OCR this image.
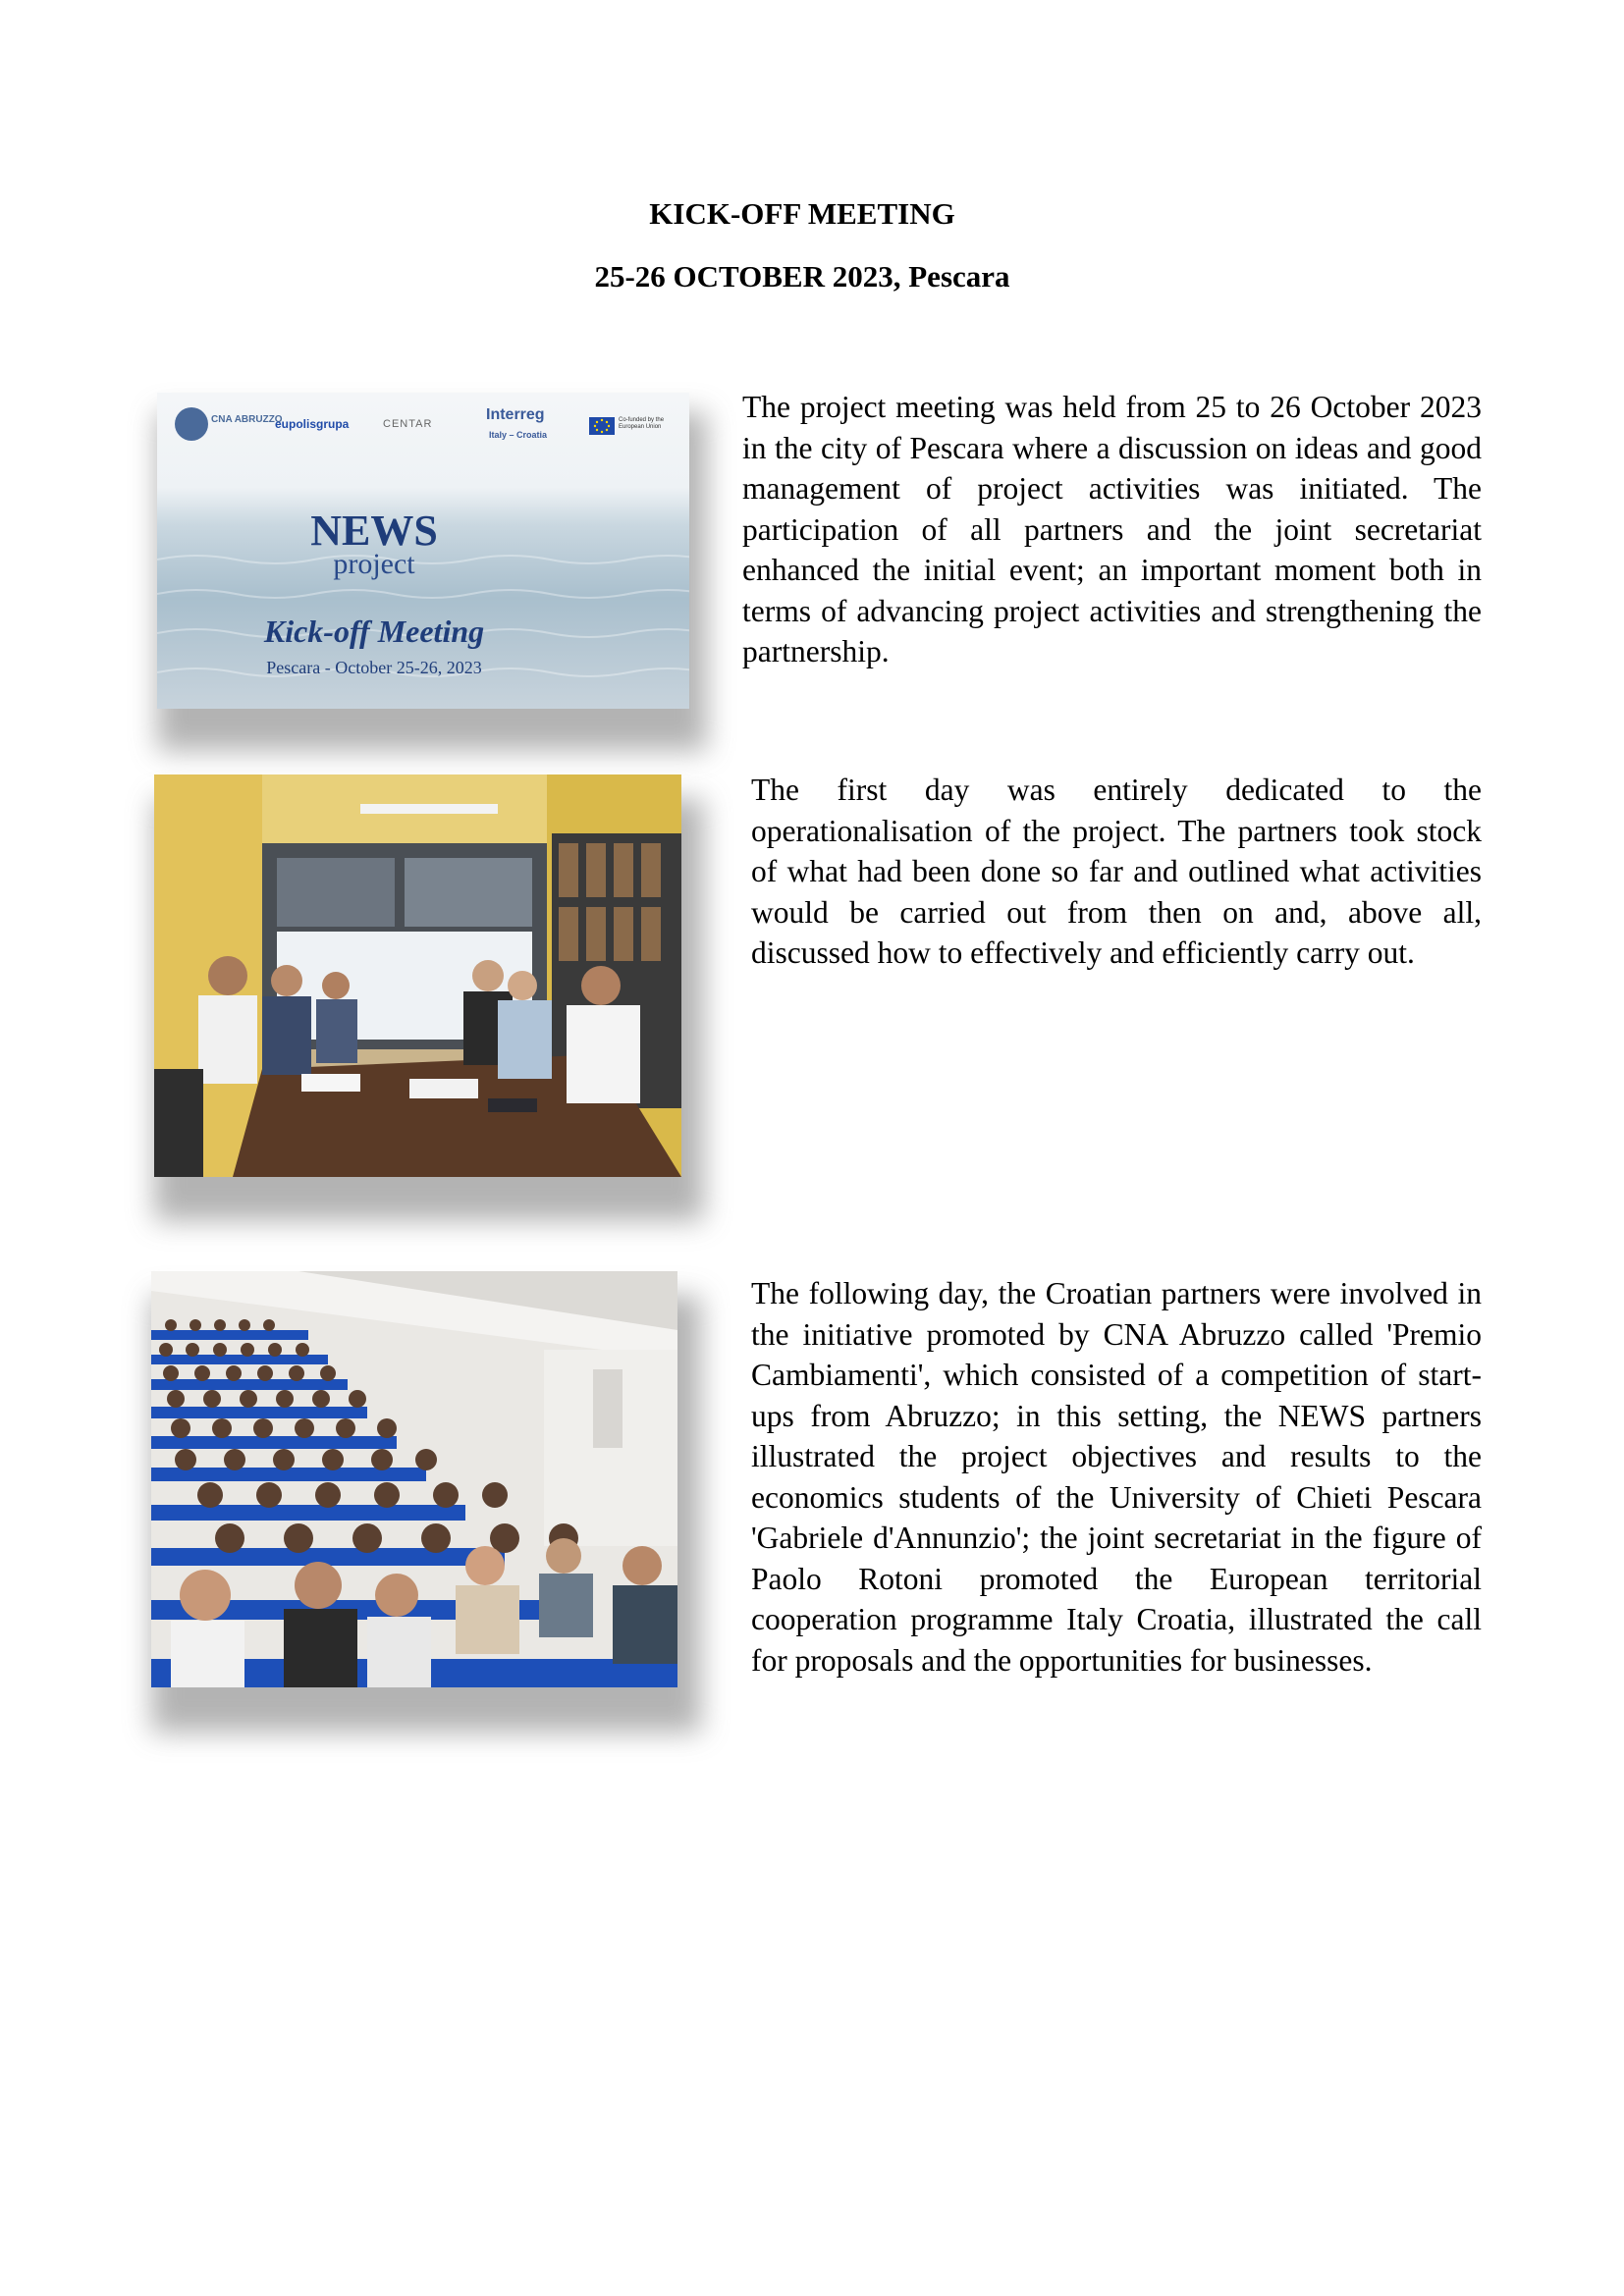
KICK-OFF MEETING
25-26 OCTOBER 2023, Pescara
CNA ABRUZZO
eupolisgrupa	CENTAR
Interreg
Italy – Croatia
Co-funded by the European Union
NEWS
project
Kick-off Meeting
Pescara - October 25-26, 2023
The project meeting was held from 25 to 26 October 2023 in the city of Pescara where a discussion on ideas and good management of project activities was initiated. The participation of all partners and the joint secretariat enhanced the initial event; an important moment both in terms of advancing project activities and strengthening the partnership.
The first day was entirely dedicated to the operationalisation of the project. The partners took stock of what had been done so far and outlined what activities would be carried out from then on and, above all, discussed how to effectively and efficiently carry out.
The following day, the Croatian partners were involved in the initiative promoted by CNA Abruzzo called 'Premio Cambiamenti', which consisted of a competition of start-ups from Abruzzo; in this setting, the NEWS partners illustrated the project objectives and results to the economics students of the University of Chieti Pescara 'Gabriele d'Annunzio'; the joint secretariat in the figure of Paolo Rotoni promoted the European territorial cooperation programme Italy Croatia, illustrated the call for proposals and the opportunities for businesses.
